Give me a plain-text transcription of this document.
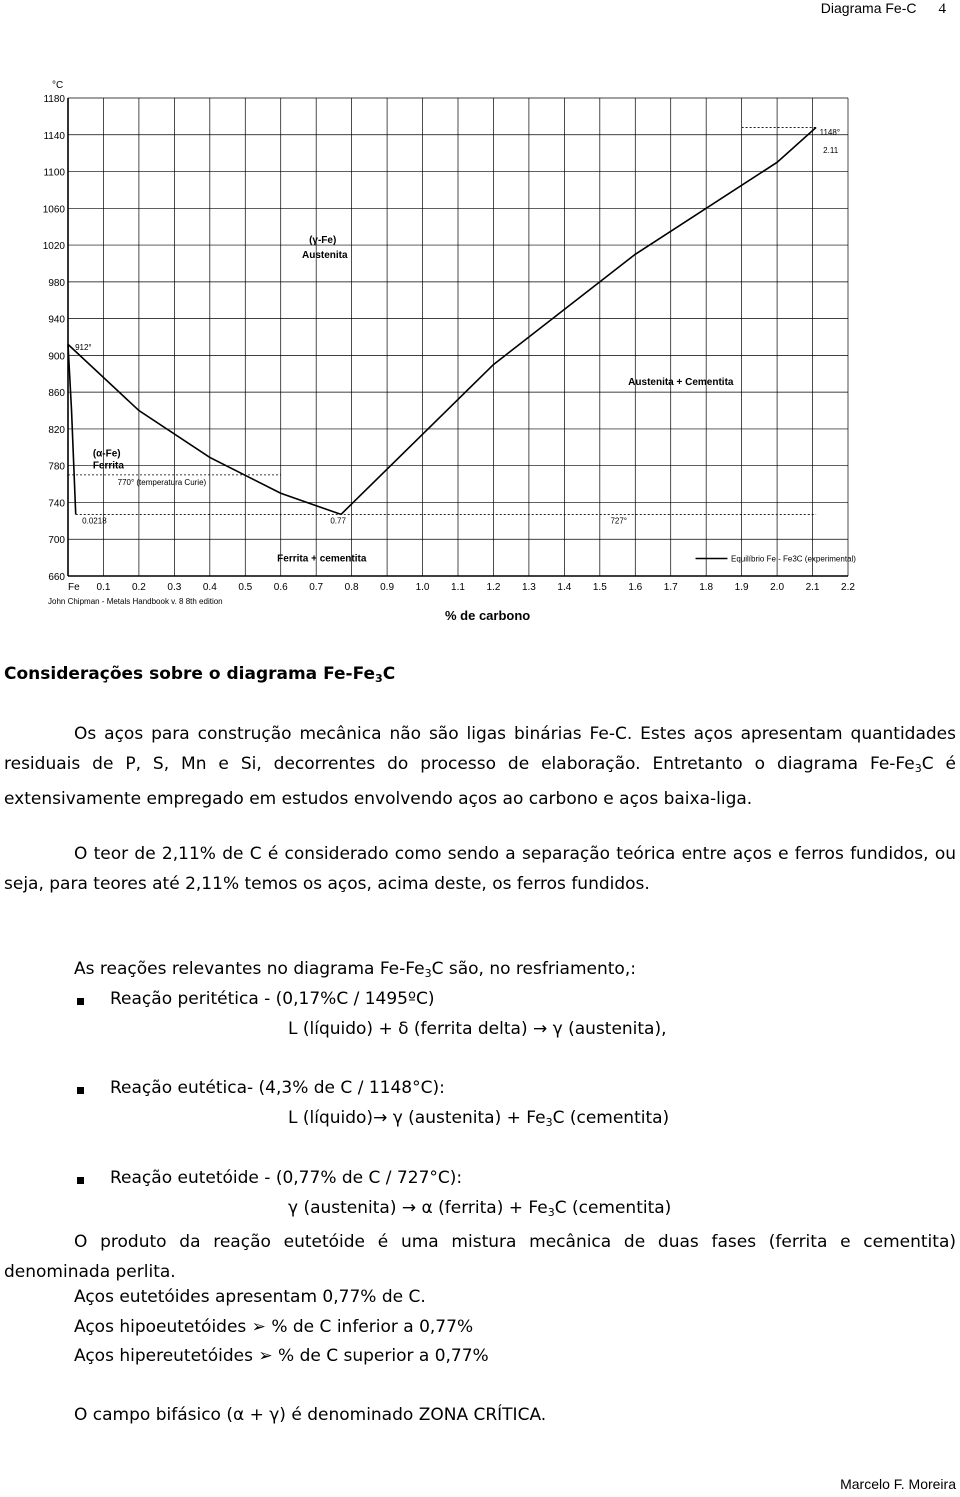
Diagrama Fe-C 4
1180
1140
1100
1060
1020
980
940
900
860
820
780
740
700
660
Fe 0.1 0.2 0.3 0.4 0.5 0.6 0.7 0.8 0.9 1.0 1.1 1.2 1.3 1.4 1.5 1.6 1.7 1.8 1.9 2.0 2.1 2.2
°C
(γ-Fe)
Austenita
(α-Fe)
Ferrita
770° (temperatura Curie)
912°
1148°
2.11
0.0218	0.77	727°
Austenita + Cementita
Ferrita + cementita	Equilíbrio Fe - Fe3C (experimental)
John Chipman - Metals Handbook v. 8 8th edition
% de carbono
Considerações sobre o diagrama $Fe-Fe_3C$
Os aços para construção mecânica não são ligas binárias Fe-C. Estes aços apresentam quantidades residuais de P, S, Mn e Si, decorrentes do processo de elaboração. Entretanto o diagrama $Fe-Fe_3C$ é extensivamente empregado em estudos envolvendo aços ao carbono e aços baixa-liga.
O teor de 2,11% de C é considerado como sendo a separação teórica entre aços e ferros fundidos, ou seja, para teores até 2,11% temos os aços, acima deste, os ferros fundidos.
As reações relevantes no diagrama $Fe-Fe_3C$ são, no resfriamento,:
Reação peritética - (0,17%C / 1495ºC)
L (líquido) + δ (ferrita delta) → γ (austenita),
Reação eutética- (4,3% de C / 1148°C):
L (líquido)→ γ (austenita) + $Fe_3C$ (cementita)
Reação eutetóide - (0,77% de C / 727°C):
γ (austenita) → α (ferrita) + $Fe_3C$ (cementita)
O produto da reação eutetóide é uma mistura mecânica de duas fases (ferrita e cementita) denominada perlita.
Aços eutetóides apresentam 0,77% de C.
Aços hipoeutetóides ➢ % de C inferior a 0,77%
Aços hipereutetóides ➢ % de C superior a 0,77%
O campo bifásico (α + γ) é denominado ZONA CRÍTICA.
Marcelo F. Moreira
